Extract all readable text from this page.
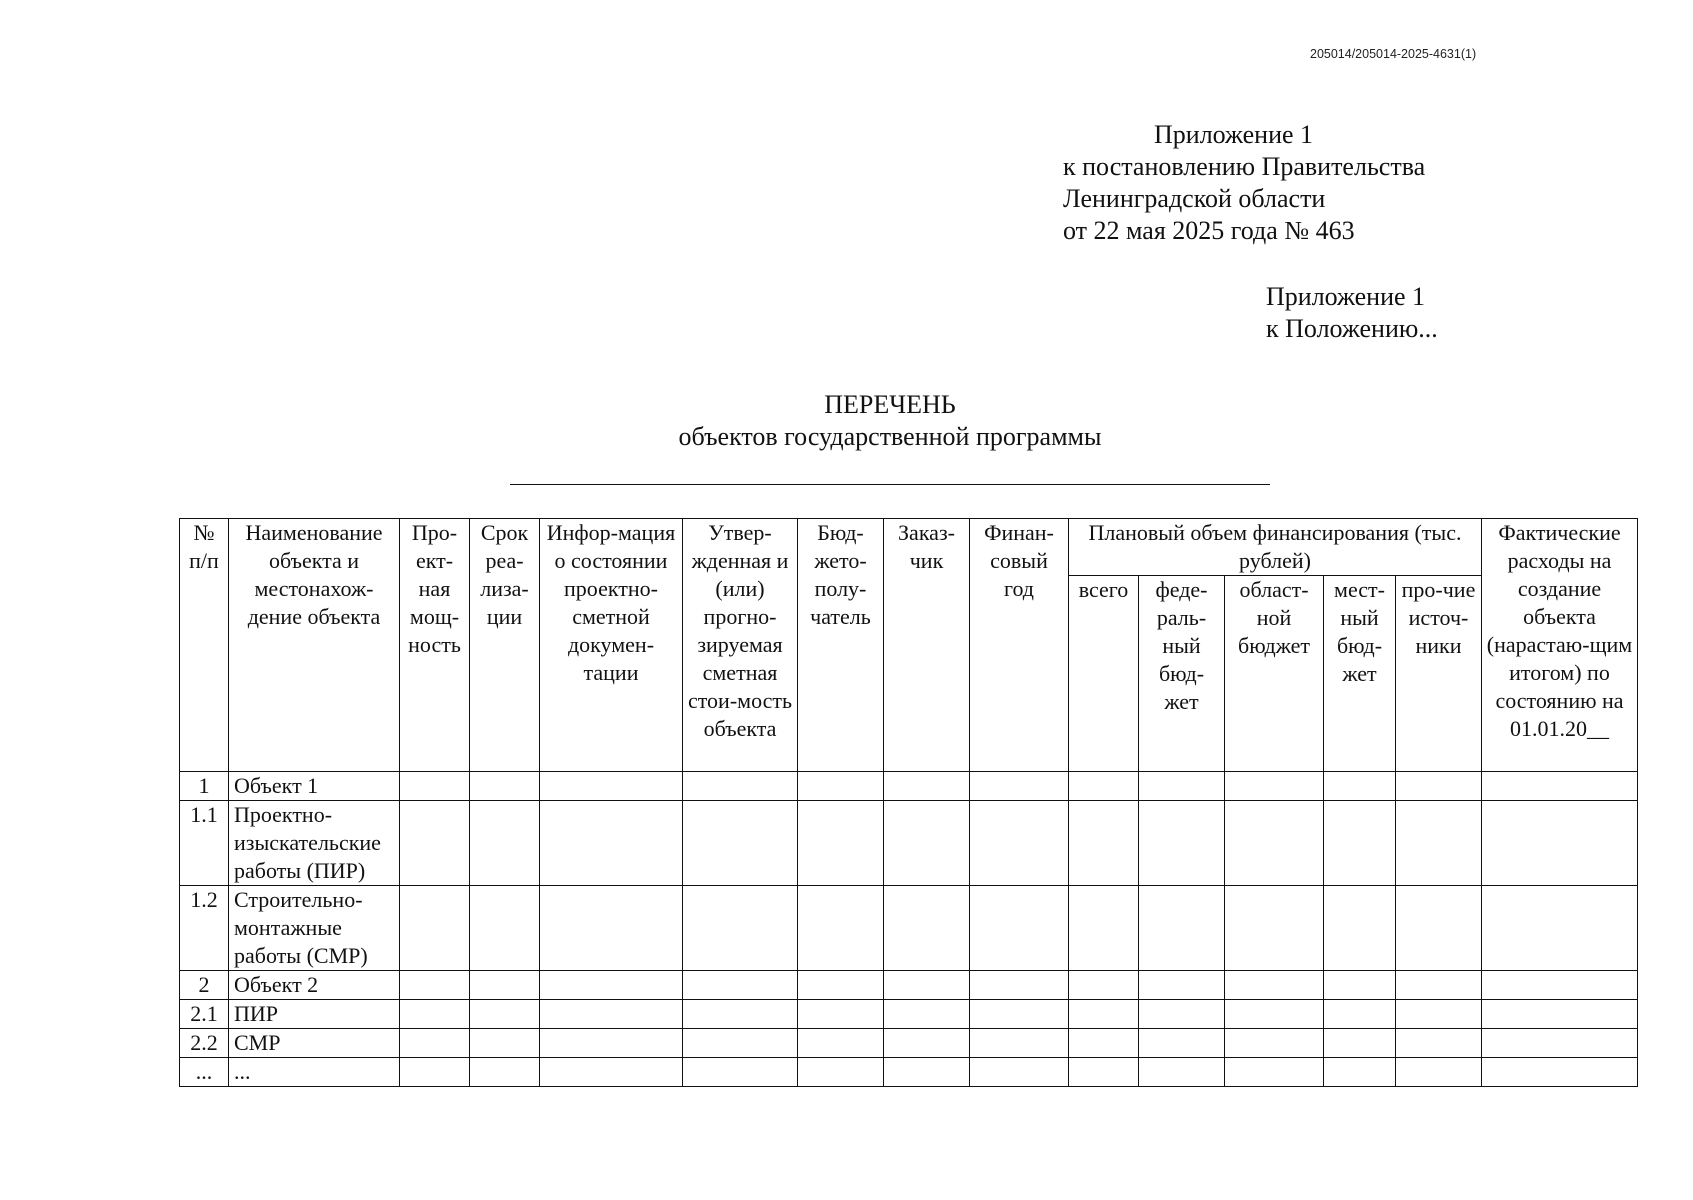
205014/205014-2025-4631(1)
Приложение 1
к постановлению Правительства
Ленинградской области
от 22 мая 2025 года № 463
Приложение 1
к Положению...
ПЕРЕЧЕНЬ
объектов государственной программы
№ п/п	Наименование объекта и местонахож-дение объекта	Про-ект-ная мощ-ность	Срок реа-лиза-ции	Инфор-мация о состоянии проектно-сметной докумен-тации	Утвер-жденная и (или) прогно-зируемая сметная стои-мость объекта	Бюд-жето-полу-чатель	Заказ-чик	Финан-совый год	Плановый объем финансирования (тыс. рублей)					Фактические расходы на создание объекта (нарастаю-щим итогом) по состоянию на 01.01.20__
									всего	феде-раль-ный бюд-жет	област-ной бюджет	мест-ный бюд-жет	про-чие источ-ники	
1	Объект 1													
1.1	Проектно-изыскательские работы (ПИР)													
1.2	Строительно-монтажные работы (СМР)													
2	Объект 2													
2.1	ПИР													
2.2	СМР													
...	...													
